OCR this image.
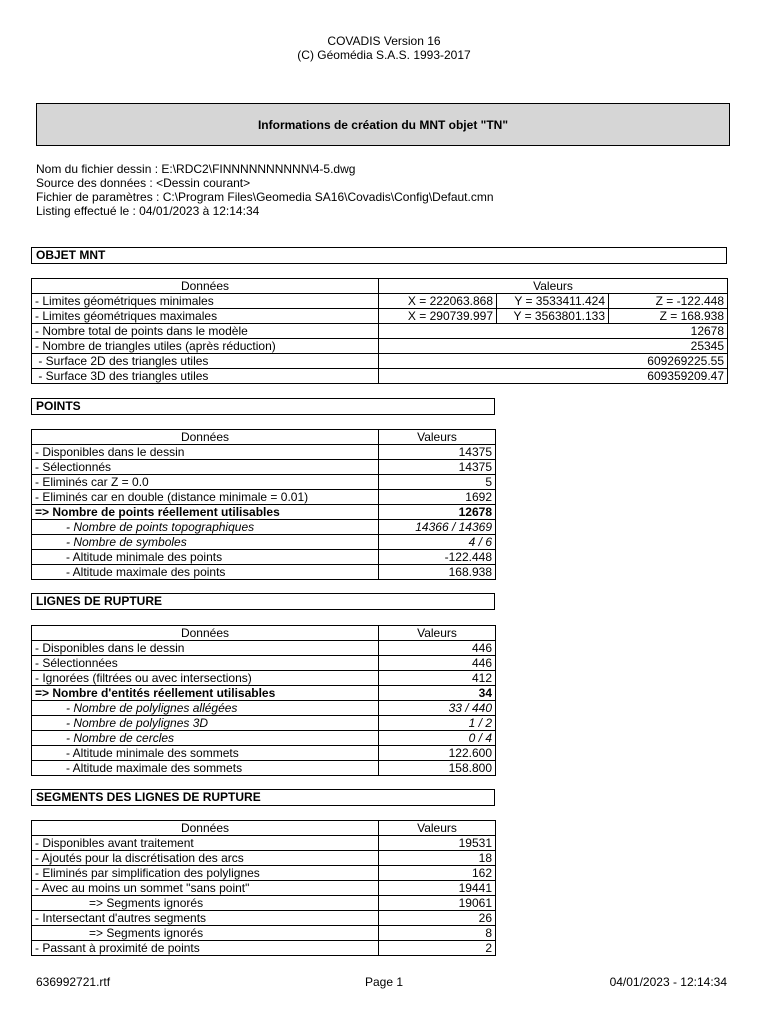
COVADIS Version 16
(C) Géomédia S.A.S. 1993-2017
Informations de création du MNT objet "TN"
Nom du fichier dessin : E:\RDC2\FINNNNNNNNNN\4-5.dwg
Source des données : <Dessin courant>
Fichier de paramètres : C:\Program Files\Geomedia SA16\Covadis\Config\Defaut.cmn
Listing effectué le : 04/01/2023 à 12:14:34
OBJET MNT
Données	Valeurs		
- Limites géométriques minimales	X = 222063.868	Y = 3533411.424	Z = -122.448
- Limites géométriques maximales	X = 290739.997	Y = 3563801.133	Z = 168.938
- Nombre total de points dans le modèle	12678		
- Nombre de triangles utiles (après réduction)	25345		
- Surface 2D des triangles utiles	609269225.55		
- Surface 3D des triangles utiles	609359209.47		
POINTS
Données	Valeurs
- Disponibles dans le dessin	14375
- Sélectionnés	14375
- Eliminés car Z = 0.0	5
- Eliminés car en double (distance minimale = 0.01)	1692
=> Nombre de points réellement utilisables	12678
- Nombre de points topographiques	14366 / 14369
- Nombre de symboles	4 / 6
- Altitude minimale des points	-122.448
- Altitude maximale des points	168.938
LIGNES DE RUPTURE
Données	Valeurs
- Disponibles dans le dessin	446
- Sélectionnées	446
- Ignorées (filtrées ou avec intersections)	412
=> Nombre d'entités réellement utilisables	34
- Nombre de polylignes allégées	33 / 440
- Nombre de polylignes 3D	1 / 2
- Nombre de cercles	0 / 4
- Altitude minimale des sommets	122.600
- Altitude maximale des sommets	158.800
SEGMENTS DES LIGNES DE RUPTURE
Données	Valeurs
- Disponibles avant traitement	19531
- Ajoutés pour la discrétisation des arcs	18
- Eliminés par simplification des polylignes	162
- Avec au moins un sommet "sans point"	19441
=> Segments ignorés	19061
- Intersectant d'autres segments	26
=> Segments ignorés	8
- Passant à proximité de points	2
636992721.rtf	Page 1	04/01/2023 - 12:14:34
